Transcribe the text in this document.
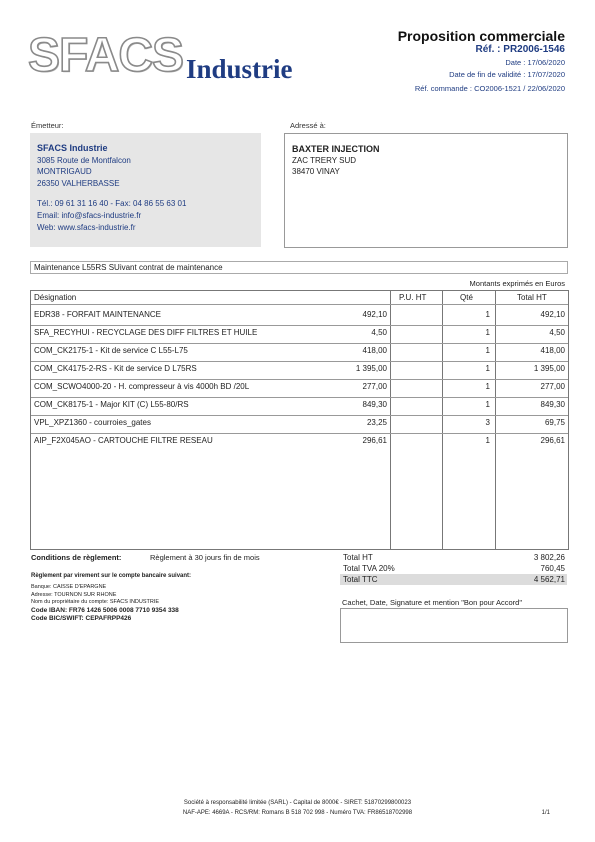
SFACS Industrie
Proposition commerciale
Réf. : PR2006-1546
Date : 17/06/2020
Date de fin de validité : 17/07/2020
Réf. commande : CO2006-1521 / 22/06/2020
Émetteur:
SFACS Industrie
3085 Route de Montfalcon
MONTRIGAUD
26350 VALHERBASSE
Tél.: 09 61 31 16 40 - Fax: 04 86 55 63 01
Email: info@sfacs-industrie.fr
Web: www.sfacs-industrie.fr
Adressé à:
BAXTER INJECTION
ZAC TRERY SUD
38470 VINAY
Maintenance L55RS SUivant contrat de maintenance
Montants exprimés en Euros
Désignation	P.U. HT	Qté	Total HT
EDR38 - FORFAIT MAINTENANCE	492,10	1	492,10
SFA_RECYHUI - RECYCLAGE DES DIFF FILTRES ET HUILE	4,50	1	4,50
COM_CK2175-1 - Kit de service C L55-L75	418,00	1	418,00
COM_CK4175-2-RS - Kit de service D L75RS	1 395,00	1	1 395,00
COM_SCWO4000-20 - H. compresseur à vis 4000h BD /20L	277,00	1	277,00
COM_CK8175-1 - Major KIT (C) L55-80/RS	849,30	1	849,30
VPL_XPZ1360 - courroies_gates	23,25	3	69,75
AIP_F2X045AO - CARTOUCHE FILTRE RESEAU	296,61	1	296,61
Conditions de règlement:	Règlement à 30 jours fin de mois
Règlement par virement sur le compte bancaire suivant:
Banque: CAISSE D'EPARGNE
Adresse: TOURNON SUR RHONE
Nom du propriétaire du compte: SFACS INDUSTRIE
Code IBAN: FR76 1426 5006 0008 7710 9354 338
Code BIC/SWIFT: CEPAFRPP426
Total HT	3 802,26
Total TVA 20%	760,45
Total TTC	4 562,71
Cachet, Date, Signature et mention "Bon pour Accord"
Société à responsabilité limitée (SARL) - Capital de 8000€ - SIRET: 51870299800023
NAF-APE: 4669A - RCS/RM: Romans B 518 702 998 - Numéro TVA: FR86518702998	1/1
